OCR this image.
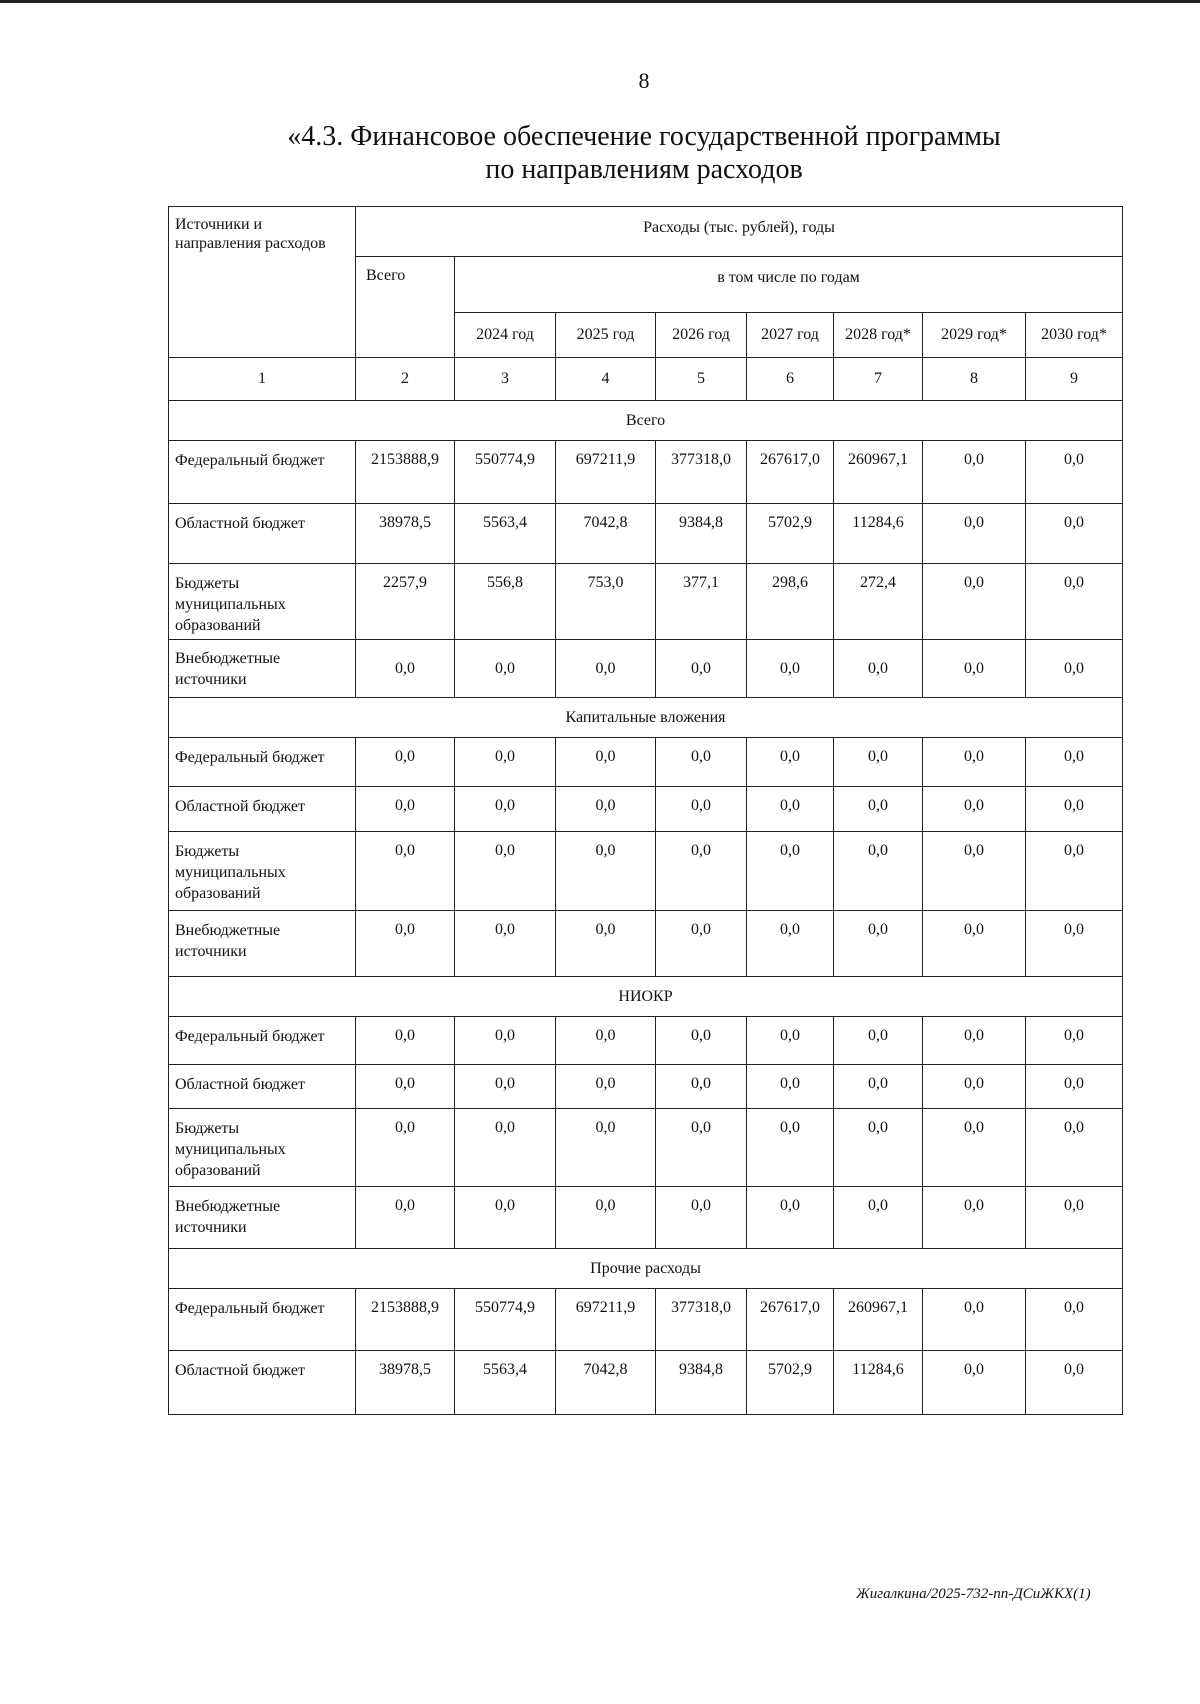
8
«4.3. Финансовое обеспечение государственной программы
по направлениям расходов
Источники и направления расходов	Расходы (тыс. рублей), годы							
	Всего	в том числе по годам						
		2024 год	2025 год	2026 год	2027 год	2028 год*	2029 год*	2030 год*
1	2	3	4	5	6	7	8	9
Всего								
Федеральный бюджет	2153888,9	550774,9	697211,9	377318,0	267617,0	260967,1	0,0	0,0
Областной бюджет	38978,5	5563,4	7042,8	9384,8	5702,9	11284,6	0,0	0,0
Бюджеты муниципальных образований	2257,9	556,8	753,0	377,1	298,6	272,4	0,0	0,0
Внебюджетные источники	0,0	0,0	0,0	0,0	0,0	0,0	0,0	0,0
Капитальные вложения								
Федеральный бюджет	0,0	0,0	0,0	0,0	0,0	0,0	0,0	0,0
Областной бюджет	0,0	0,0	0,0	0,0	0,0	0,0	0,0	0,0
Бюджеты муниципальных образований	0,0	0,0	0,0	0,0	0,0	0,0	0,0	0,0
Внебюджетные источники	0,0	0,0	0,0	0,0	0,0	0,0	0,0	0,0
НИОКР								
Федеральный бюджет	0,0	0,0	0,0	0,0	0,0	0,0	0,0	0,0
Областной бюджет	0,0	0,0	0,0	0,0	0,0	0,0	0,0	0,0
Бюджеты муниципальных образований	0,0	0,0	0,0	0,0	0,0	0,0	0,0	0,0
Внебюджетные источники	0,0	0,0	0,0	0,0	0,0	0,0	0,0	0,0
Прочие расходы								
Федеральный бюджет	2153888,9	550774,9	697211,9	377318,0	267617,0	260967,1	0,0	0,0
Областной бюджет	38978,5	5563,4	7042,8	9384,8	5702,9	11284,6	0,0	0,0
Жигалкина/2025-732-пп-ДСиЖКХ(1)
